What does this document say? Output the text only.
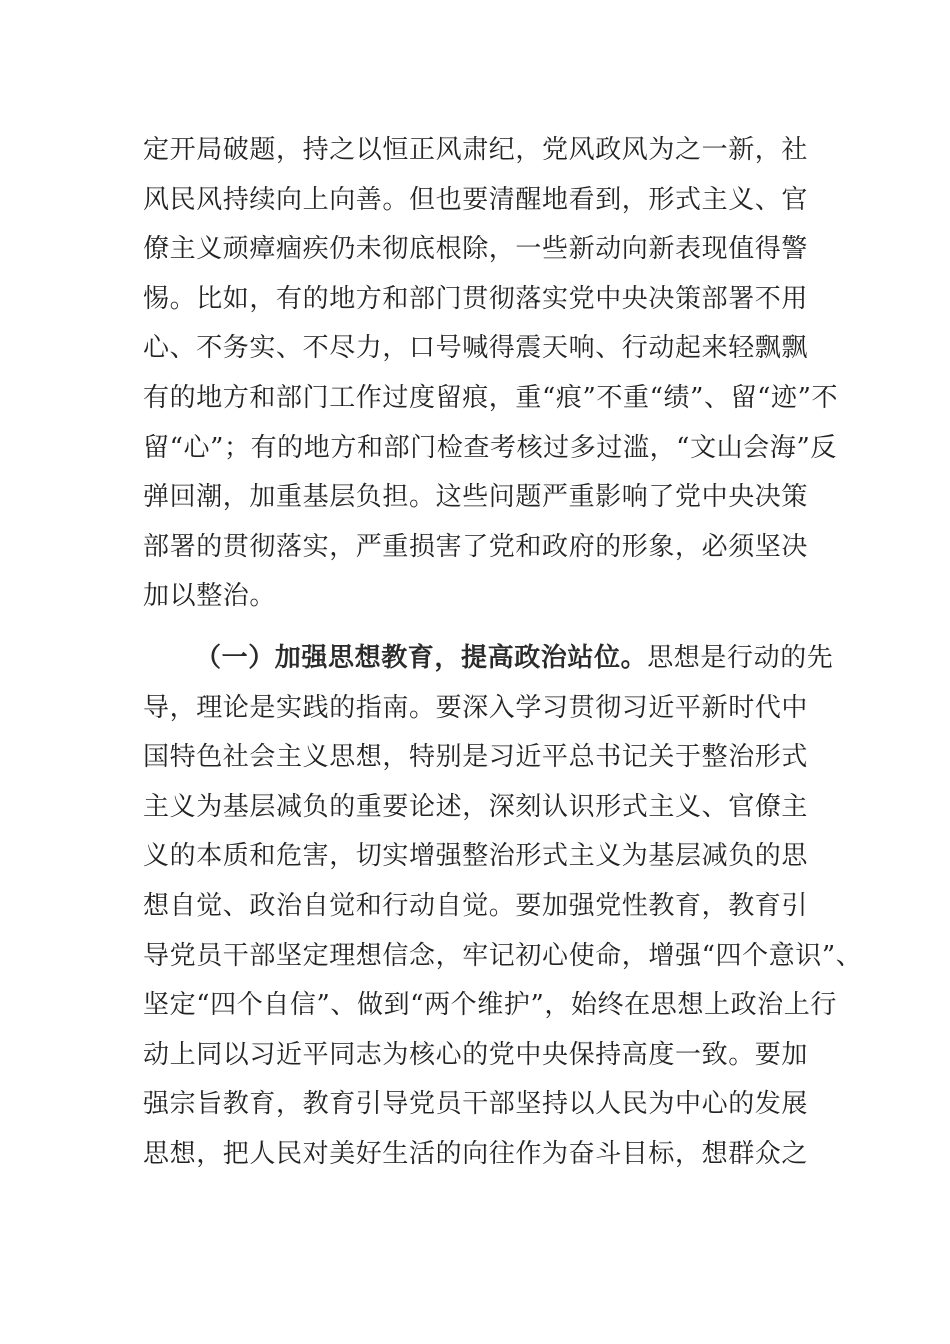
定开局破题，持之以恒正风肃纪，党风政风为之一新，社
风民风持续向上向善。但也要清醒地看到，形式主义、官
僚主义顽瘴痼疾仍未彻底根除，一些新动向新表现值得警
惕。比如，有的地方和部门贯彻落实党中央决策部署不用
心、不务实、不尽力，口号喊得震天响、行动起来轻飘飘
有的地方和部门工作过度留痕，重“痕”不重“绩”、留“迹”不
留“心”；有的地方和部门检查考核过多过滥，“文山会海”反
弹回潮，加重基层负担。这些问题严重影响了党中央决策
部署的贯彻落实，严重损害了党和政府的形象，必须坚决
加以整治。
（一）加强思想教育，提高政治站位。思想是行动的先
导，理论是实践的指南。要深入学习贯彻习近平新时代中
国特色社会主义思想，特别是习近平总书记关于整治形式
主义为基层减负的重要论述，深刻认识形式主义、官僚主
义的本质和危害，切实增强整治形式主义为基层减负的思
想自觉、政治自觉和行动自觉。要加强党性教育，教育引
导党员干部坚定理想信念，牢记初心使命，增强“四个意识”、
坚定“四个自信”、做到“两个维护”，始终在思想上政治上行
动上同以习近平同志为核心的党中央保持高度一致。要加
强宗旨教育，教育引导党员干部坚持以人民为中心的发展
思想，把人民对美好生活的向往作为奋斗目标，想群众之
